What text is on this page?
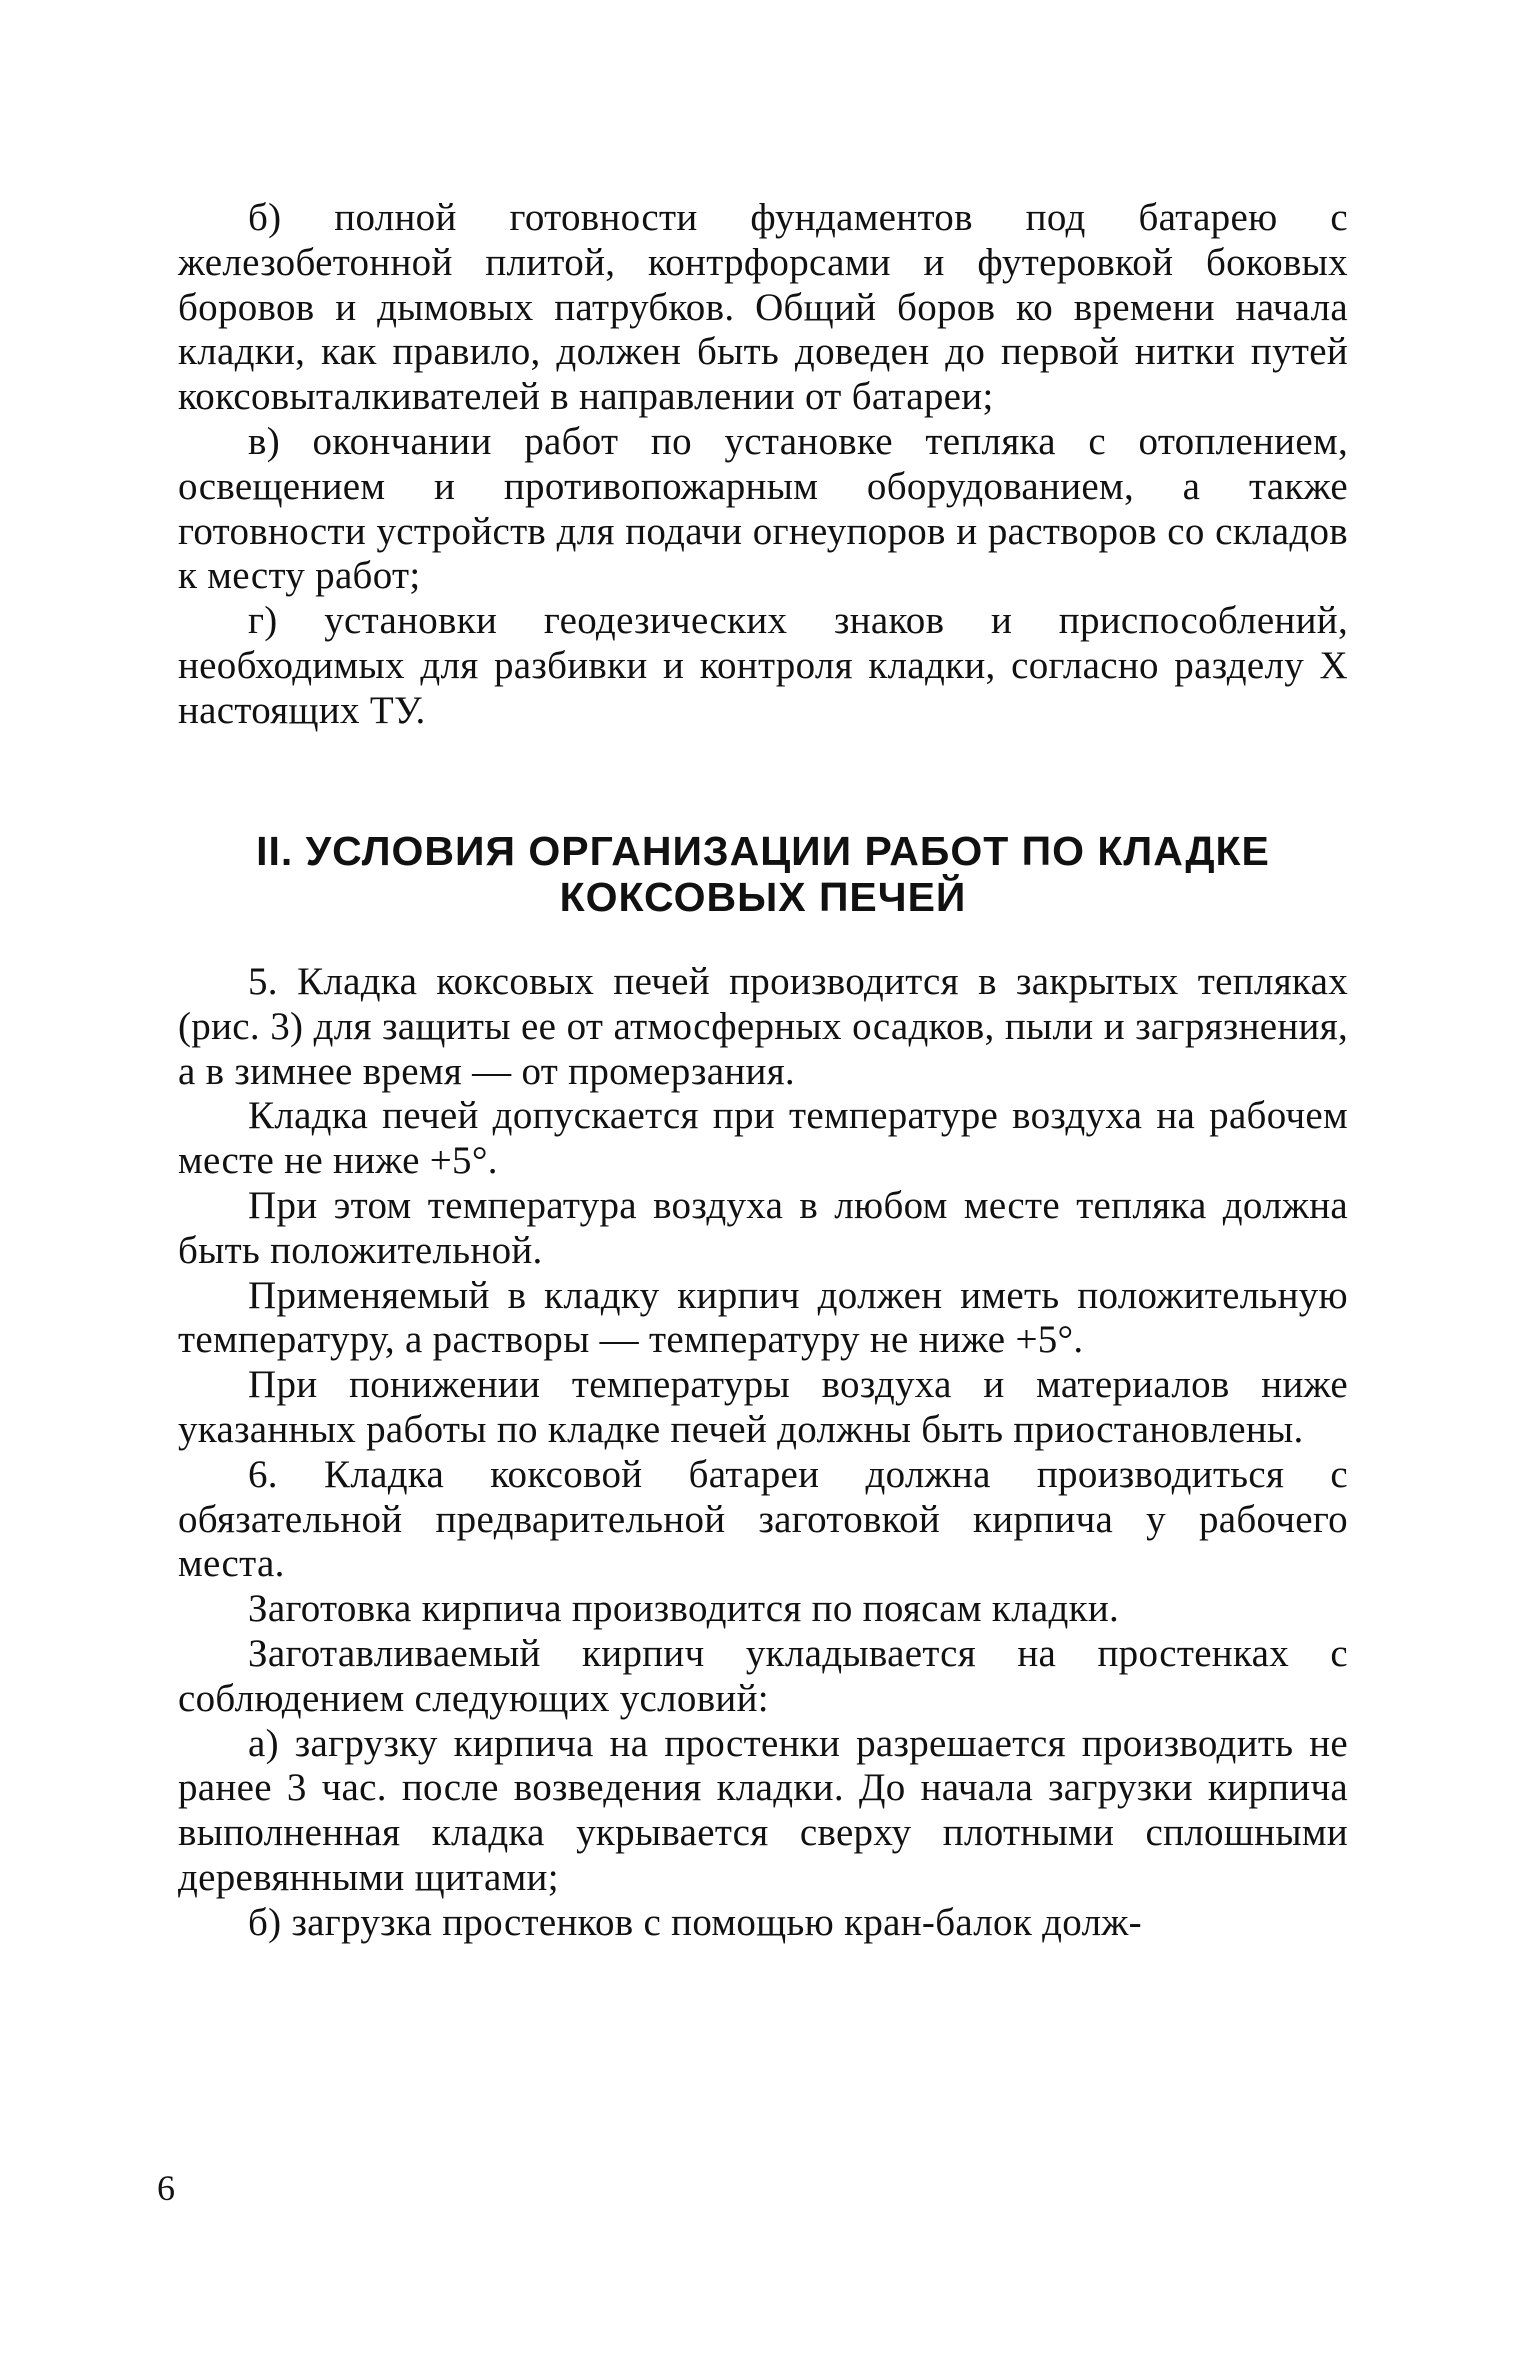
б) полной готовности фундаментов под батарею с железобетонной плитой, контрфорсами и футеровкой боковых боровов и дымовых патрубков. Общий боров ко времени начала кладки, как правило, должен быть доведен до первой нитки путей коксовыталкивателей в направлении от батареи;

в) окончании работ по установке тепляка с отоплением, освещением и противопожарным оборудованием, а также готовности устройств для подачи огнеупоров и растворов со складов к месту работ;

г) установки геодезических знаков и приспособлений, необходимых для разбивки и контроля кладки, согласно разделу X настоящих ТУ.

II. УСЛОВИЯ ОРГАНИЗАЦИИ РАБОТ ПО КЛАДКЕ
КОКСОВЫХ ПЕЧЕЙ

5. Кладка коксовых печей производится в закрытых тепляках (рис. 3) для защиты ее от атмосферных осадков, пыли и загрязнения, а в зимнее время — от промерзания.

Кладка печей допускается при температуре воздуха на рабочем месте не ниже +5°.

При этом температура воздуха в любом месте тепляка должна быть положительной.

Применяемый в кладку кирпич должен иметь положительную температуру, а растворы — температуру не ниже +5°.

При понижении температуры воздуха и материалов ниже указанных работы по кладке печей должны быть приостановлены.

6. Кладка коксовой батареи должна производиться с обязательной предварительной заготовкой кирпича у рабочего места.

Заготовка кирпича производится по поясам кладки.

Заготавливаемый кирпич укладывается на простенках с соблюдением следующих условий:

а) загрузку кирпича на простенки разрешается производить не ранее 3 час. после возведения кладки. До начала загрузки кирпича выполненная кладка укрывается сверху плотными сплошными деревянными щитами;

б) загрузка простенков с помощью кран-балок долж-

6
